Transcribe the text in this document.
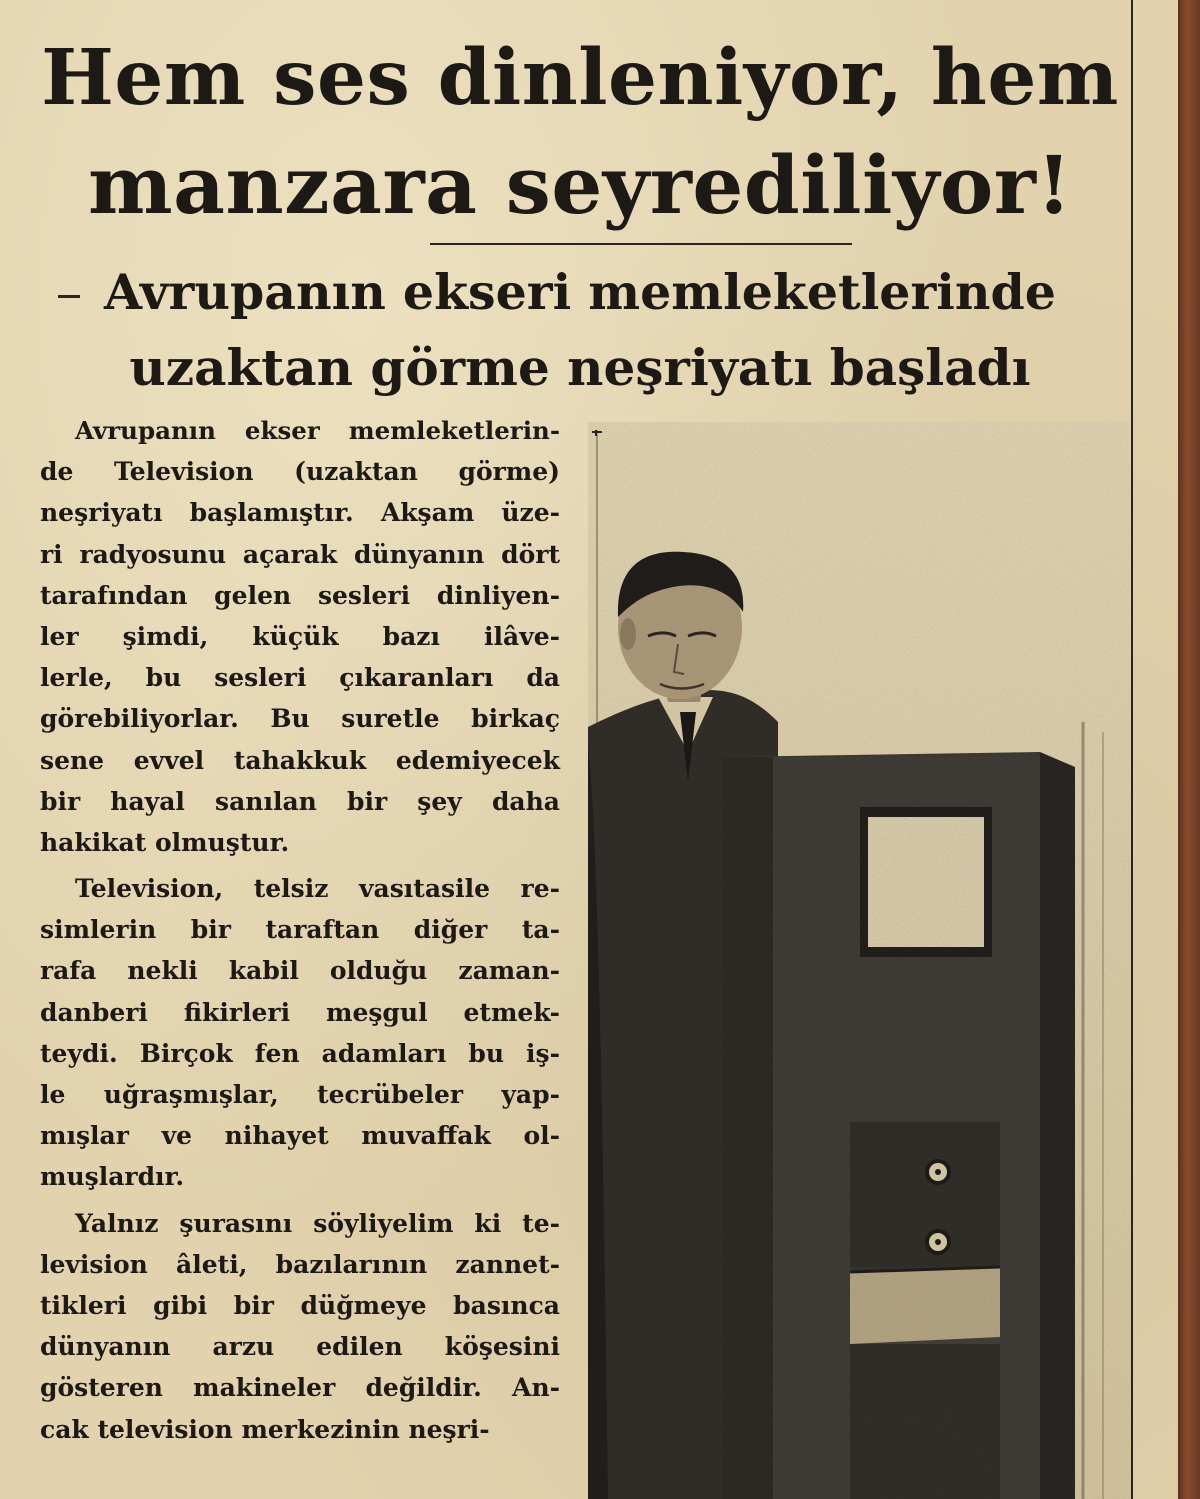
Hem ses dinleniyor, hem
manzara seyrediliyor!
Avrupanın ekseri memleketlerinde
uzaktan görme neşriyatı başladı
Avrupanın ekser memleketlerin-
de Television (uzaktan görme)
neşriyatı başlamıştır. Akşam üze-
ri radyosunu açarak dünyanın dört
tarafından gelen sesleri dinliyen-
ler şimdi, küçük bazı ilâve-
lerle, bu sesleri çıkaranları da
görebiliyorlar. Bu suretle birkaç
sene evvel tahakkuk edemiyecek
bir hayal sanılan bir şey daha
hakikat olmuştur.
Television, telsiz vasıtasile re-
simlerin bir taraftan diğer ta-
rafa nekli kabil olduğu zaman-
danberi fikirleri meşgul etmek-
teydi. Birçok fen adamları bu iş-
le uğraşmışlar, tecrübeler yap-
mışlar ve nihayet muvaffak ol-
muşlardır.
Yalnız şurasını söyliyelim ki te-
levision âleti, bazılarının zannet-
tikleri gibi bir düğmeye basınca
dünyanın arzu edilen köşesini
gösteren makineler değildir. An-
cak television merkezinin neşri-
